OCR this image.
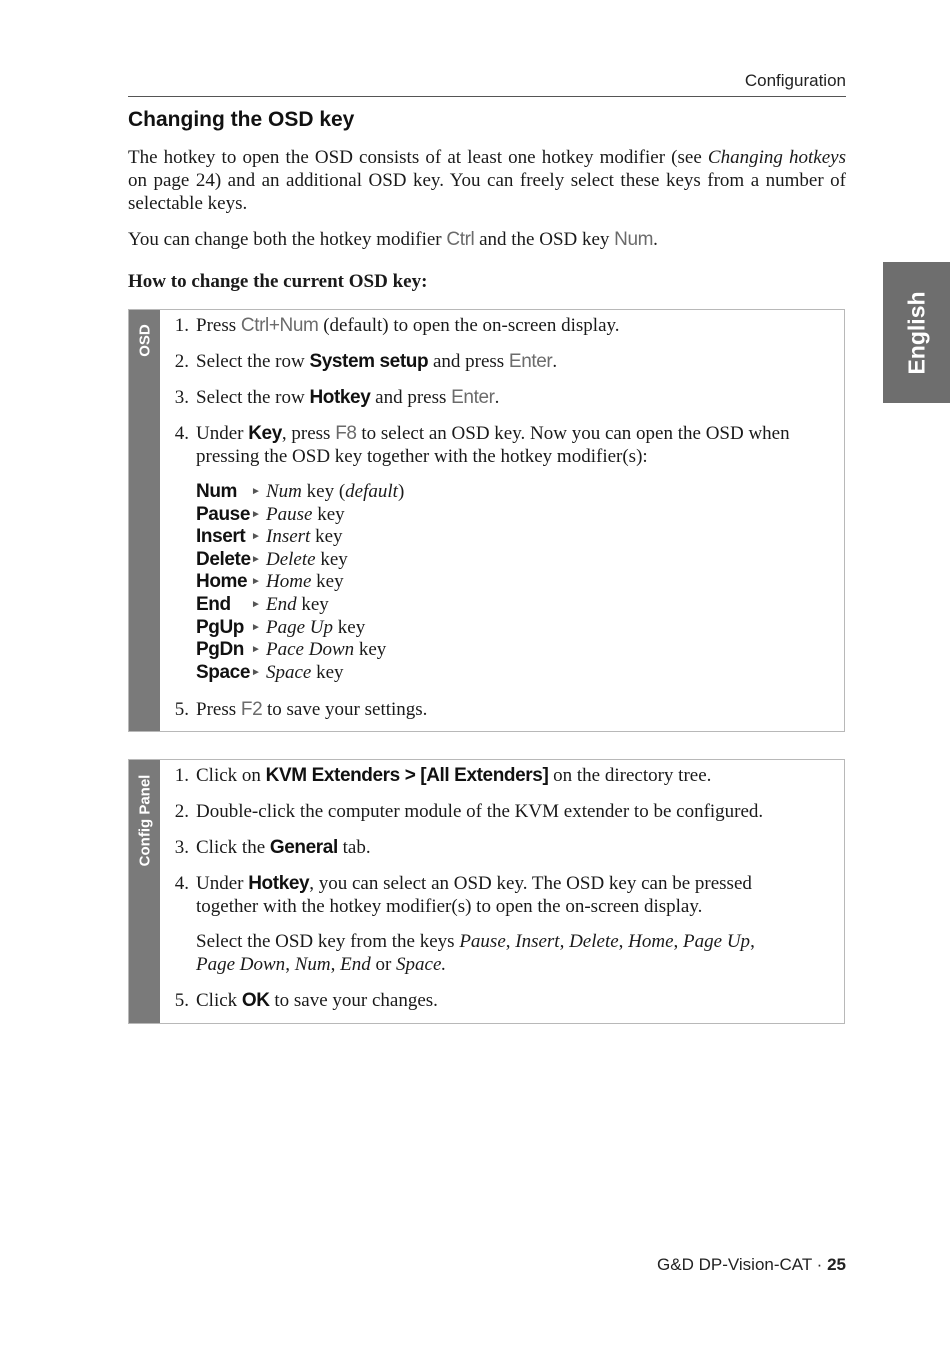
Configuration
English
Changing the OSD key

The hotkey to open the OSD consists of at least one hotkey modifier (see Changing hotkeys on page 24) and an additional OSD key. You can freely select these keys from a number of selectable keys.

You can change both the hotkey modifier Ctrl and the OSD key Num.

How to change the current OSD key:

OSD	1. Press Ctrl+Num (default) to open the on-screen display.
2. Select the row System setup and press Enter.
3. Select the row Hotkey and press Enter.
4. Under Key, press F8 to select an OSD key. Now you can open the OSD when pressing the OSD key together with the hotkey modifier(s):
Num ► Num key (default)
Pause ► Pause key
Insert ► Insert key
Delete ► Delete key
Home ► Home key
End ► End key
PgUp ► Page Up key
PgDn ► Pace Down key
Space ► Space key
5. Press F2 to save your settings.
Config Panel	1. Click on KVM Extenders > [All Extenders] on the directory tree.
2. Double-click the computer module of the KVM extender to be configured.
3. Click the General tab.
4. Under Hotkey, you can select an OSD key. The OSD key can be pressed together with the hotkey modifier(s) to open the on-screen display.
Select the OSD key from the keys Pause, Insert, Delete, Home, Page Up, Page Down, Num, End or Space.
5. Click OK to save your changes.
G&D DP-Vision-CAT · 25
